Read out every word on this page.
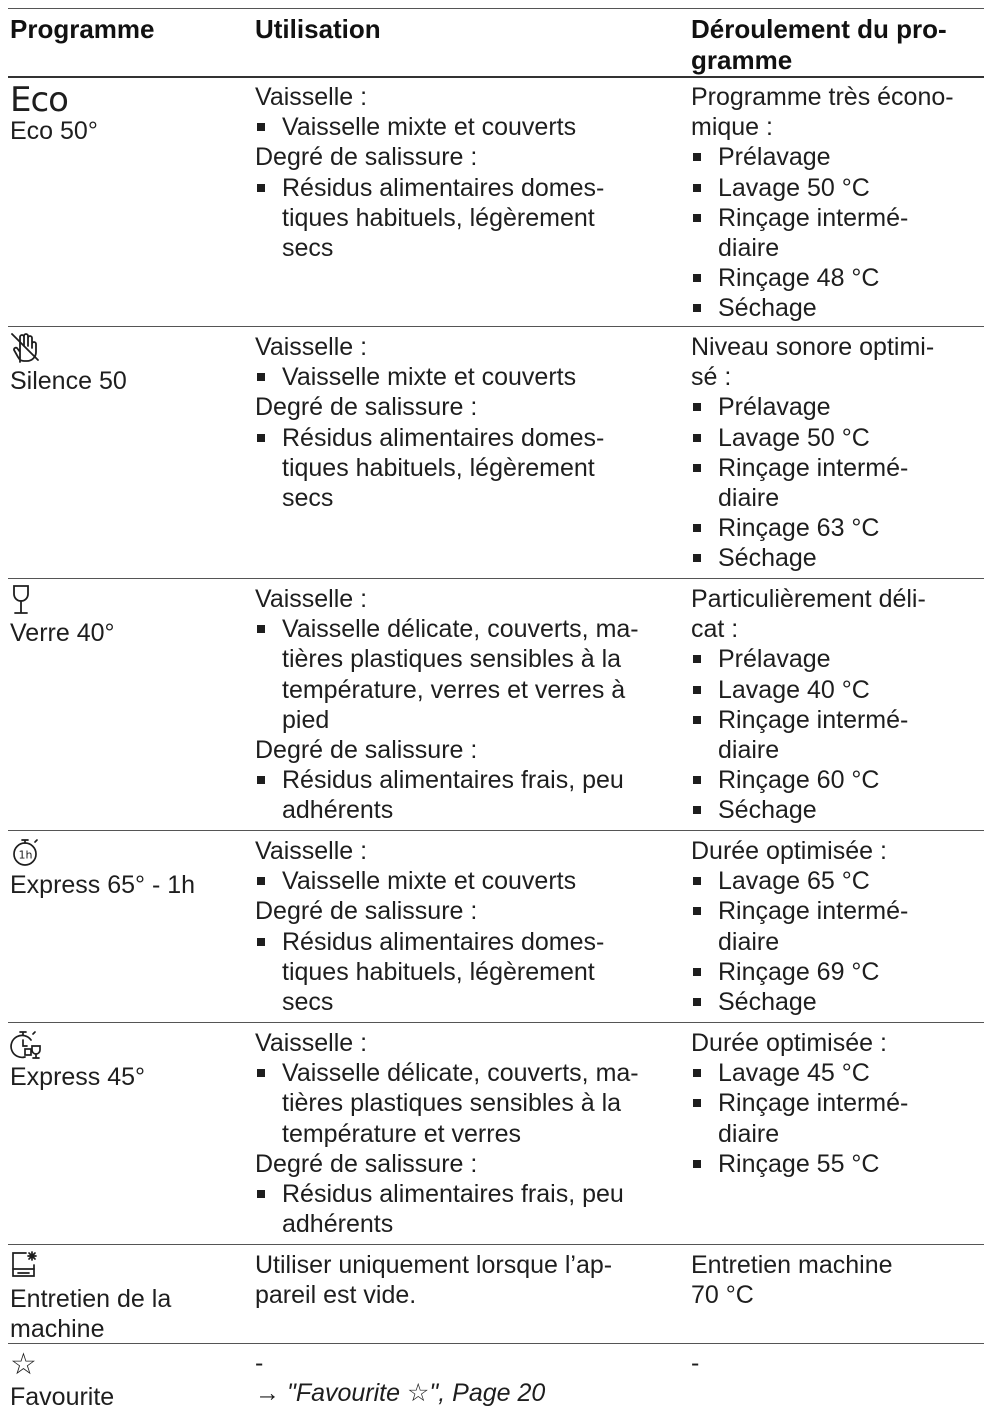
Programme	Utilisation	Déroulement du pro-
gramme
Eco
Eco 50°
Vaisselle :
Vaisselle mixte et couverts
Degré de salissure :
Résidus alimentaires domes-
tiques habituels, légèrement
secs
Programme très écono-
mique :
Prélavage
Lavage 50 °C
Rinçage intermé-
diaire
Rinçage 48 °C
Séchage
Silence 50
Vaisselle :
Vaisselle mixte et couverts
Degré de salissure :
Résidus alimentaires domes-
tiques habituels, légèrement
secs
Niveau sonore optimi-
sé :
Prélavage
Lavage 50 °C
Rinçage intermé-
diaire
Rinçage 63 °C
Séchage
Verre 40°
Vaisselle :
Vaisselle délicate, couverts, ma-
tières plastiques sensibles à la
température, verres et verres à
pied
Degré de salissure :
Résidus alimentaires frais, peu
adhérents
Particulièrement déli-
cat :
Prélavage
Lavage 40 °C
Rinçage intermé-
diaire
Rinçage 60 °C
Séchage
1h
Express 65° - 1h
Vaisselle :
Vaisselle mixte et couverts
Degré de salissure :
Résidus alimentaires domes-
tiques habituels, légèrement
secs
Durée optimisée :
Lavage 65 °C
Rinçage intermé-
diaire
Rinçage 69 °C
Séchage
Express 45°
Vaisselle :
Vaisselle délicate, couverts, ma-
tières plastiques sensibles à la
température et verres
Degré de salissure :
Résidus alimentaires frais, peu
adhérents
Durée optimisée :
Lavage 45 °C
Rinçage intermé-
diaire
Rinçage 55 °C
Entretien de la
machine
Utiliser uniquement lorsque l’ap-
pareil est vide.
Entretien machine
70 °C
☆
Favourite
-
→ "Favourite ☆", Page 20
-
